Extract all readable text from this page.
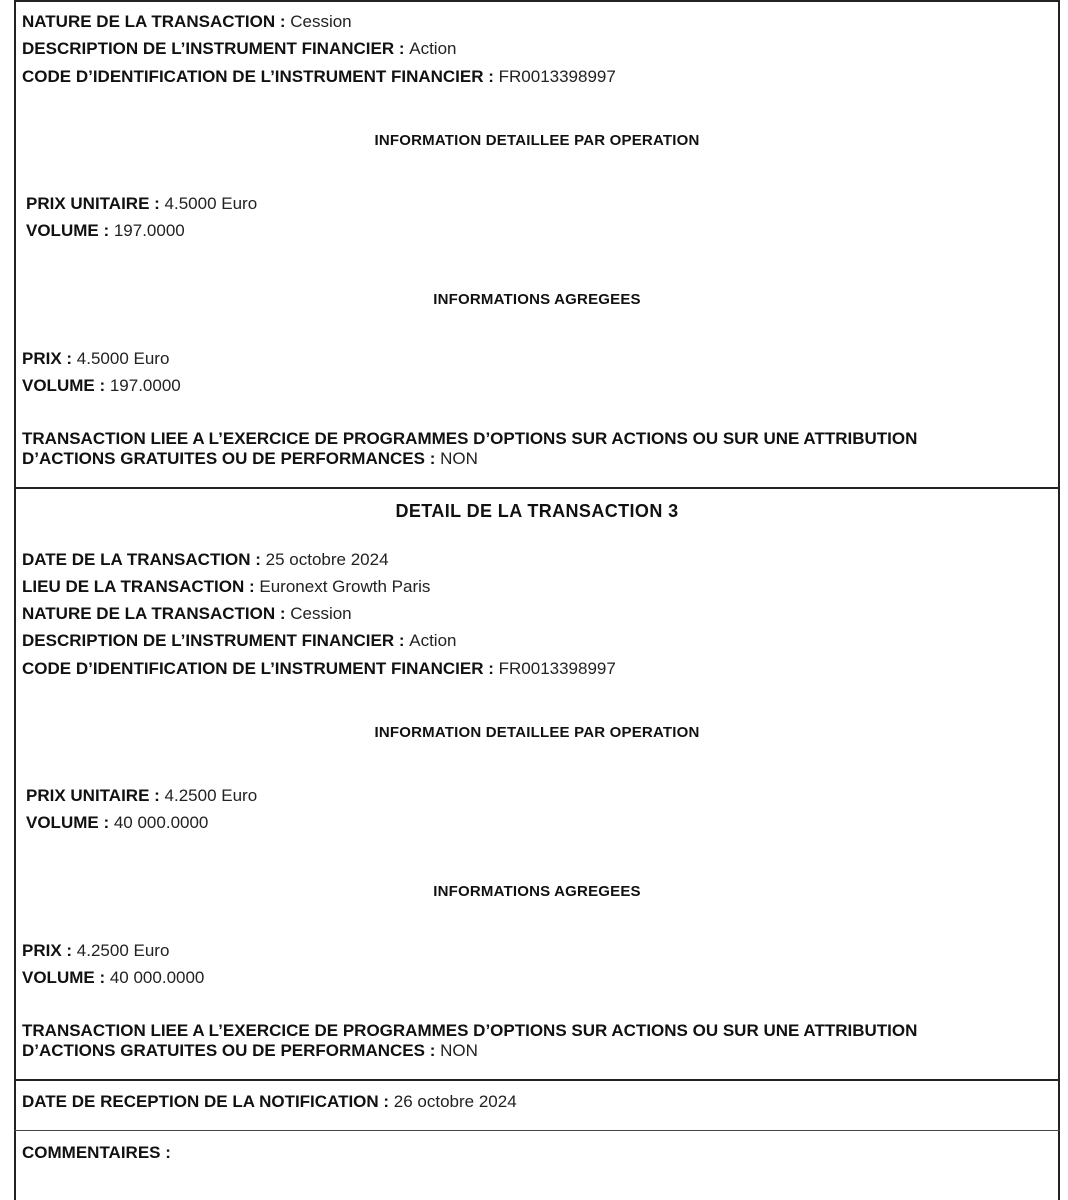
NATURE DE LA TRANSACTION : Cession
DESCRIPTION DE L’INSTRUMENT FINANCIER : Action
CODE D’IDENTIFICATION DE L’INSTRUMENT FINANCIER : FR0013398997
INFORMATION DETAILLEE PAR OPERATION
PRIX UNITAIRE : 4.5000 Euro
VOLUME : 197.0000
INFORMATIONS AGREGEES
PRIX : 4.5000 Euro
VOLUME : 197.0000
TRANSACTION LIEE A L’EXERCICE DE PROGRAMMES D’OPTIONS SUR ACTIONS OU SUR UNE ATTRIBUTION
D’ACTIONS GRATUITES OU DE PERFORMANCES : NON
DETAIL DE LA TRANSACTION 3
DATE DE LA TRANSACTION : 25 octobre 2024
LIEU DE LA TRANSACTION : Euronext Growth Paris
NATURE DE LA TRANSACTION : Cession
DESCRIPTION DE L’INSTRUMENT FINANCIER : Action
CODE D’IDENTIFICATION DE L’INSTRUMENT FINANCIER : FR0013398997
INFORMATION DETAILLEE PAR OPERATION
PRIX UNITAIRE : 4.2500 Euro
VOLUME : 40 000.0000
INFORMATIONS AGREGEES
PRIX : 4.2500 Euro
VOLUME : 40 000.0000
TRANSACTION LIEE A L’EXERCICE DE PROGRAMMES D’OPTIONS SUR ACTIONS OU SUR UNE ATTRIBUTION
D’ACTIONS GRATUITES OU DE PERFORMANCES : NON
DATE DE RECEPTION DE LA NOTIFICATION : 26 octobre 2024
COMMENTAIRES :
